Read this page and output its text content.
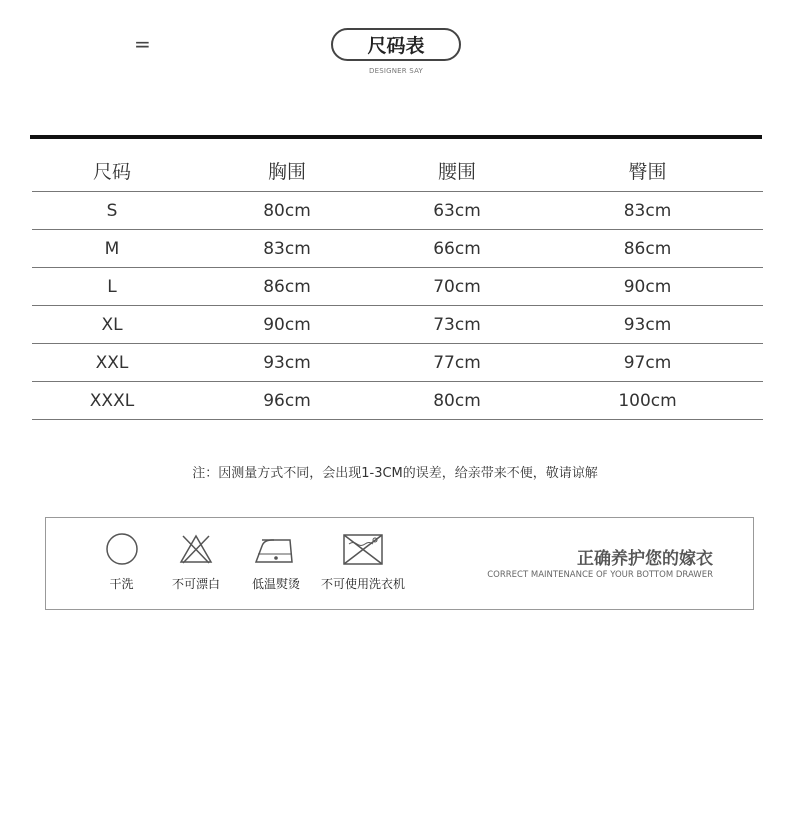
=	尺码表
DESIGNER SAY
尺码	胸围	腰围	臀围
S	80cm	63cm	83cm
M	83cm	66cm	86cm
L	86cm	70cm	90cm
XL	90cm	73cm	93cm
XXL	93cm	77cm	97cm
XXXL	96cm	80cm	100cm
注：因测量方式不同，会出现1-3CM的误差，给亲带来不便，敬请谅解
干洗	不可漂白	低温熨烫	不可使用洗衣机
正确养护您的嫁衣
CORRECT MAINTENANCE OF YOUR BOTTOM DRAWER
